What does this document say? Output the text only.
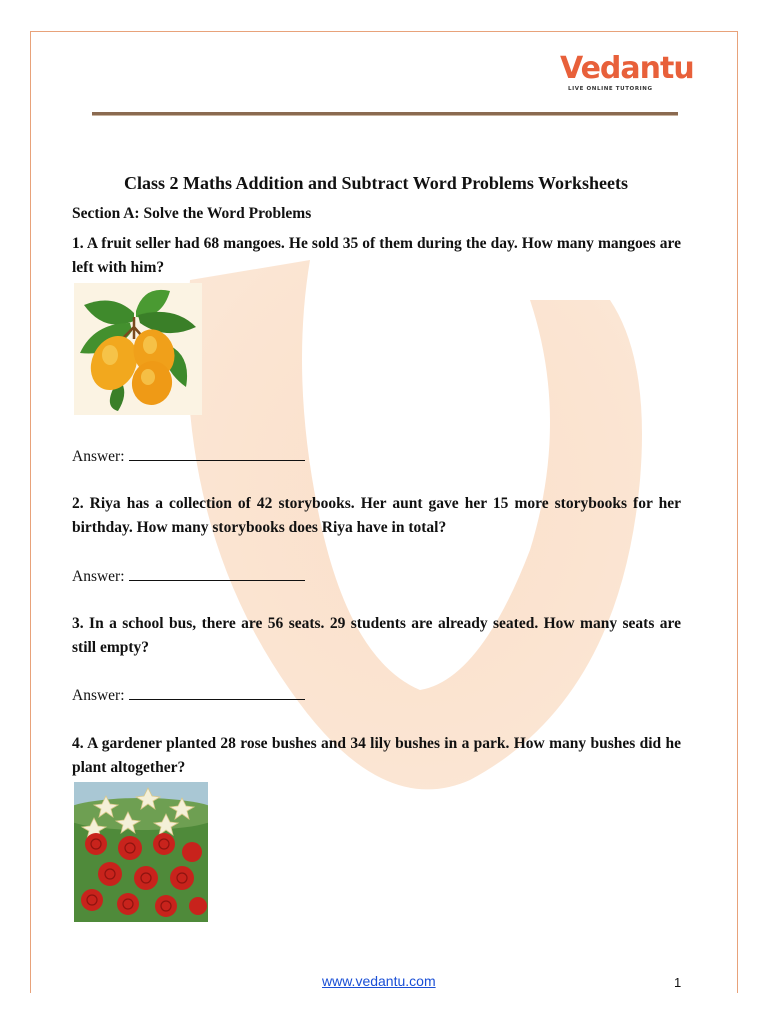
Vedantu
LIVE ONLINE TUTORING
Class 2 Maths Addition and Subtract Word Problems Worksheets
Section A: Solve the Word Problems
1. A fruit seller had 68 mangoes. He sold 35 of them during the day. How many mangoes are left with him?
Answer:
2. Riya has a collection of 42 storybooks. Her aunt gave her 15 more storybooks for her birthday. How many storybooks does Riya have in total?
Answer:
3. In a school bus, there are 56 seats. 29 students are already seated. How many seats are still empty?
Answer:
4. A gardener planted 28 rose bushes and 34 lily bushes in a park. How many bushes did he plant altogether?
www.vedantu.com	1
